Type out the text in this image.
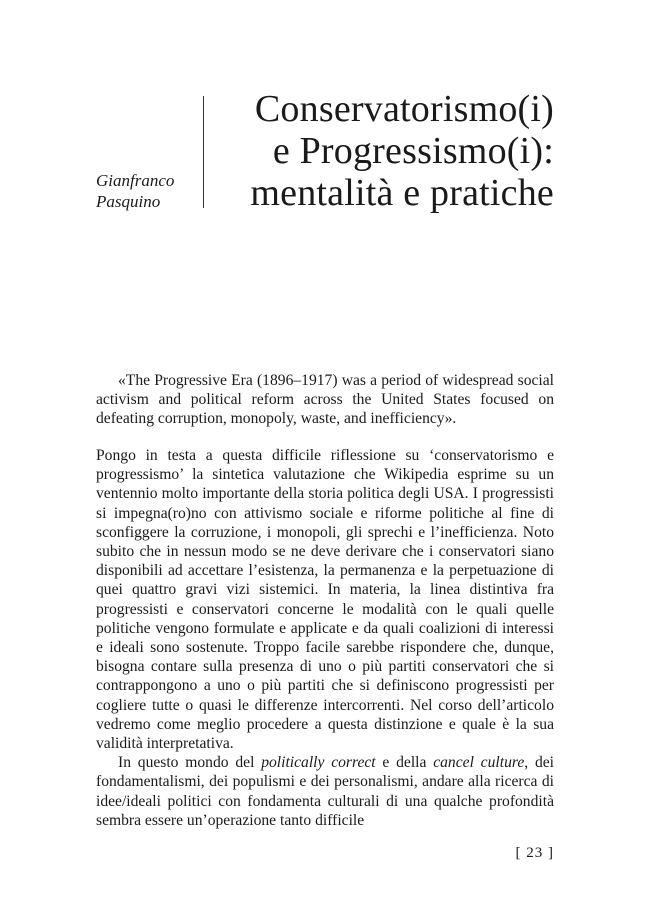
Gianfranco
Pasquino
Conservatorismo(i)
e Progressismo(i):
mentalità e pratiche

«The Progressive Era (1896–1917) was a period of widespread social activism and political reform across the United States focused on defeating corruption, monopoly, waste, and inefficiency».

Pongo in testa a questa difficile riflessione su ‘conservatorismo e progressismo’ la sintetica valutazione che Wikipedia esprime su un ventennio molto importante della storia politica degli USA. I progressisti si impegna(ro)no con attivismo sociale e riforme politiche al fine di sconfiggere la corruzione, i monopoli, gli sprechi e l’inefficienza. Noto subito che in nessun modo se ne deve derivare che i conservatori siano disponibili ad accettare l’esistenza, la permanenza e la perpetuazione di quei quattro gravi vizi sistemici. In materia, la linea distintiva fra progressisti e conservatori concerne le modalità con le quali quelle politiche vengono formulate e applicate e da quali coalizioni di interessi e ideali sono sostenute. Troppo facile sarebbe rispondere che, dunque, bisogna contare sulla presenza di uno o più partiti conservatori che si contrappongono a uno o più partiti che si definiscono progressisti per cogliere tutte o quasi le differenze intercorrenti. Nel corso dell’articolo vedremo come meglio procedere a questa distinzione e quale è la sua validità interpretativa.

In questo mondo del politically correct e della cancel culture, dei fondamentalismi, dei populismi e dei personalismi, andare alla ricerca di idee/ideali politici con fondamenta culturali di una qualche profondità sembra essere un’operazione tanto difficile

[ 23 ]
